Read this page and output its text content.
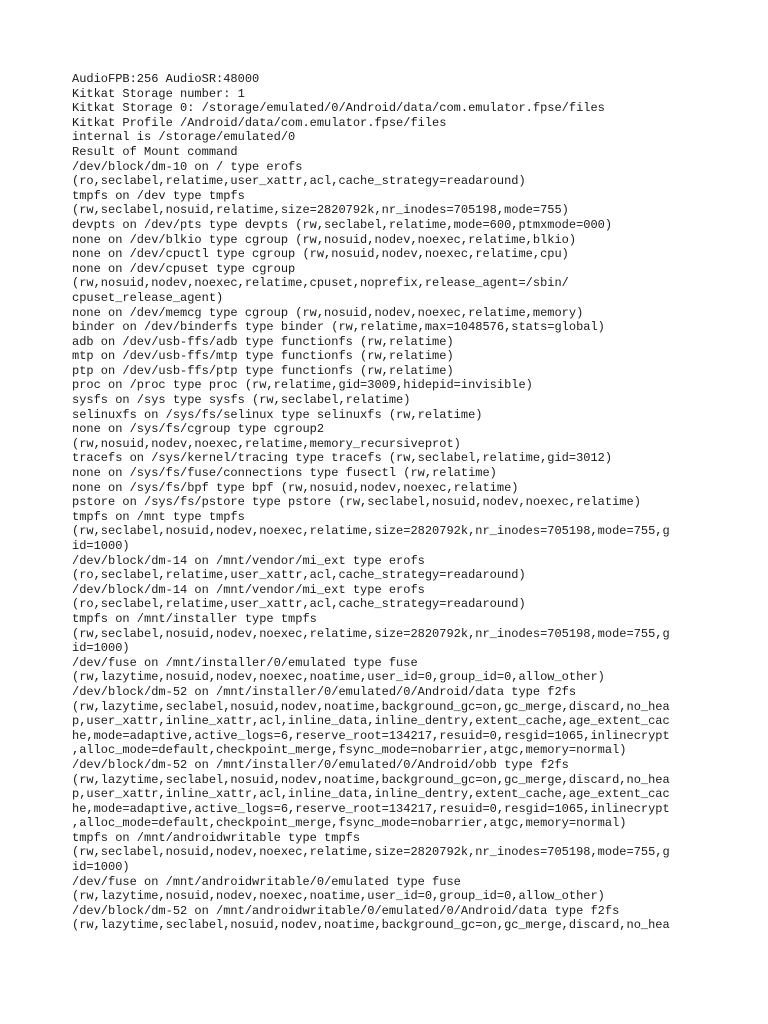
AudioFPB:256 AudioSR:48000
Kitkat Storage number: 1
Kitkat Storage 0: /storage/emulated/0/Android/data/com.emulator.fpse/files
Kitkat Profile /Android/data/com.emulator.fpse/files
internal is /storage/emulated/0
Result of Mount command
/dev/block/dm-10 on / type erofs
(ro,seclabel,relatime,user_xattr,acl,cache_strategy=readaround)
tmpfs on /dev type tmpfs
(rw,seclabel,nosuid,relatime,size=2820792k,nr_inodes=705198,mode=755)
devpts on /dev/pts type devpts (rw,seclabel,relatime,mode=600,ptmxmode=000)
none on /dev/blkio type cgroup (rw,nosuid,nodev,noexec,relatime,blkio)
none on /dev/cpuctl type cgroup (rw,nosuid,nodev,noexec,relatime,cpu)
none on /dev/cpuset type cgroup
(rw,nosuid,nodev,noexec,relatime,cpuset,noprefix,release_agent=/sbin/
cpuset_release_agent)
none on /dev/memcg type cgroup (rw,nosuid,nodev,noexec,relatime,memory)
binder on /dev/binderfs type binder (rw,relatime,max=1048576,stats=global)
adb on /dev/usb-ffs/adb type functionfs (rw,relatime)
mtp on /dev/usb-ffs/mtp type functionfs (rw,relatime)
ptp on /dev/usb-ffs/ptp type functionfs (rw,relatime)
proc on /proc type proc (rw,relatime,gid=3009,hidepid=invisible)
sysfs on /sys type sysfs (rw,seclabel,relatime)
selinuxfs on /sys/fs/selinux type selinuxfs (rw,relatime)
none on /sys/fs/cgroup type cgroup2
(rw,nosuid,nodev,noexec,relatime,memory_recursiveprot)
tracefs on /sys/kernel/tracing type tracefs (rw,seclabel,relatime,gid=3012)
none on /sys/fs/fuse/connections type fusectl (rw,relatime)
none on /sys/fs/bpf type bpf (rw,nosuid,nodev,noexec,relatime)
pstore on /sys/fs/pstore type pstore (rw,seclabel,nosuid,nodev,noexec,relatime)
tmpfs on /mnt type tmpfs
(rw,seclabel,nosuid,nodev,noexec,relatime,size=2820792k,nr_inodes=705198,mode=755,g
id=1000)
/dev/block/dm-14 on /mnt/vendor/mi_ext type erofs
(ro,seclabel,relatime,user_xattr,acl,cache_strategy=readaround)
/dev/block/dm-14 on /mnt/vendor/mi_ext type erofs
(ro,seclabel,relatime,user_xattr,acl,cache_strategy=readaround)
tmpfs on /mnt/installer type tmpfs
(rw,seclabel,nosuid,nodev,noexec,relatime,size=2820792k,nr_inodes=705198,mode=755,g
id=1000)
/dev/fuse on /mnt/installer/0/emulated type fuse
(rw,lazytime,nosuid,nodev,noexec,noatime,user_id=0,group_id=0,allow_other)
/dev/block/dm-52 on /mnt/installer/0/emulated/0/Android/data type f2fs
(rw,lazytime,seclabel,nosuid,nodev,noatime,background_gc=on,gc_merge,discard,no_hea
p,user_xattr,inline_xattr,acl,inline_data,inline_dentry,extent_cache,age_extent_cac
he,mode=adaptive,active_logs=6,reserve_root=134217,resuid=0,resgid=1065,inlinecrypt
,alloc_mode=default,checkpoint_merge,fsync_mode=nobarrier,atgc,memory=normal)
/dev/block/dm-52 on /mnt/installer/0/emulated/0/Android/obb type f2fs
(rw,lazytime,seclabel,nosuid,nodev,noatime,background_gc=on,gc_merge,discard,no_hea
p,user_xattr,inline_xattr,acl,inline_data,inline_dentry,extent_cache,age_extent_cac
he,mode=adaptive,active_logs=6,reserve_root=134217,resuid=0,resgid=1065,inlinecrypt
,alloc_mode=default,checkpoint_merge,fsync_mode=nobarrier,atgc,memory=normal)
tmpfs on /mnt/androidwritable type tmpfs
(rw,seclabel,nosuid,nodev,noexec,relatime,size=2820792k,nr_inodes=705198,mode=755,g
id=1000)
/dev/fuse on /mnt/androidwritable/0/emulated type fuse
(rw,lazytime,nosuid,nodev,noexec,noatime,user_id=0,group_id=0,allow_other)
/dev/block/dm-52 on /mnt/androidwritable/0/emulated/0/Android/data type f2fs
(rw,lazytime,seclabel,nosuid,nodev,noatime,background_gc=on,gc_merge,discard,no_hea
